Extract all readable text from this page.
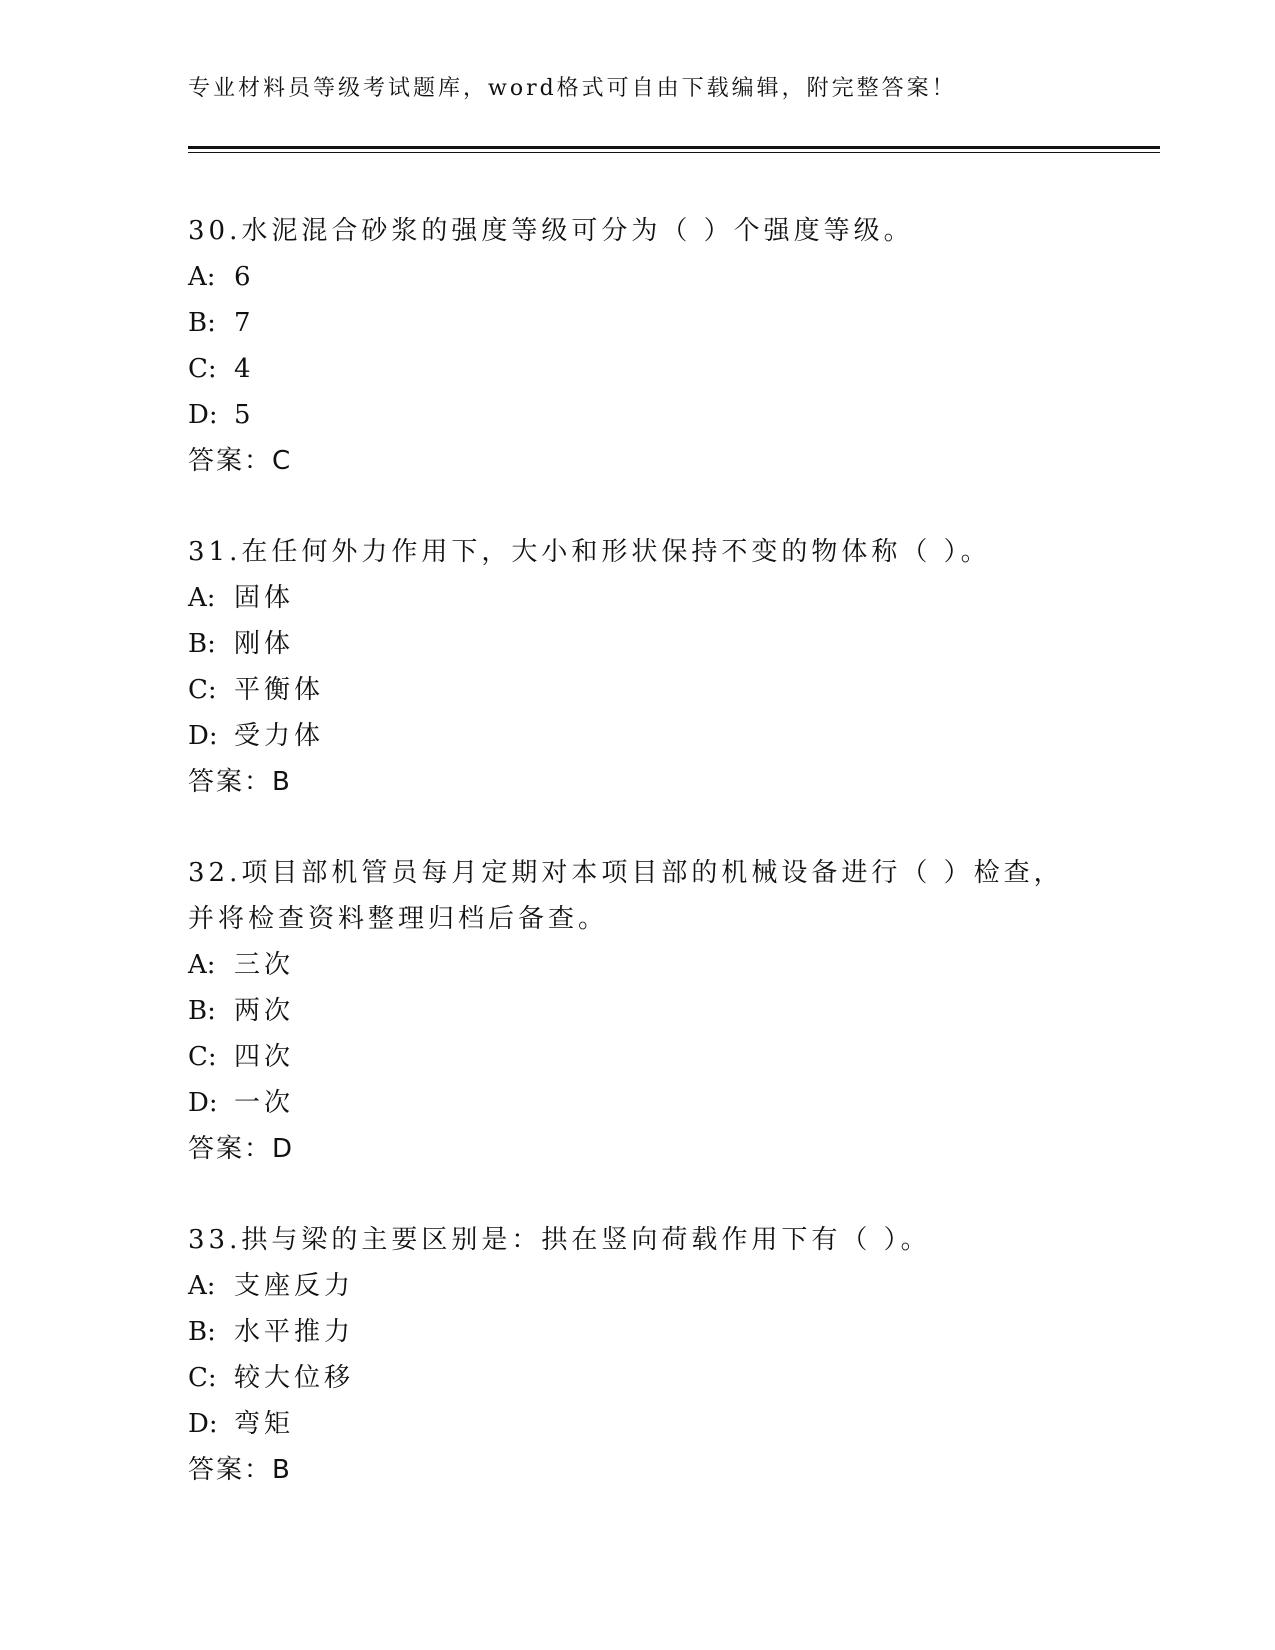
专业材料员等级考试题库，word格式可自由下载编辑，附完整答案！

30.水泥混合砂浆的强度等级可分为（ ）个强度等级。

A: 6

B: 7

C: 4

D: 5

答案：C

31.在任何外力作用下，大小和形状保持不变的物体称（ ）。

A: 固体

B: 刚体

C: 平衡体

D: 受力体

答案：B

32.项目部机管员每月定期对本项目部的机械设备进行（ ）检查，并将检查资料整理归档后备查。

A: 三次

B: 两次

C: 四次

D: 一次

答案：D

33.拱与梁的主要区别是：拱在竖向荷载作用下有（ ）。

A: 支座反力

B: 水平推力

C: 较大位移

D: 弯矩

答案：B
